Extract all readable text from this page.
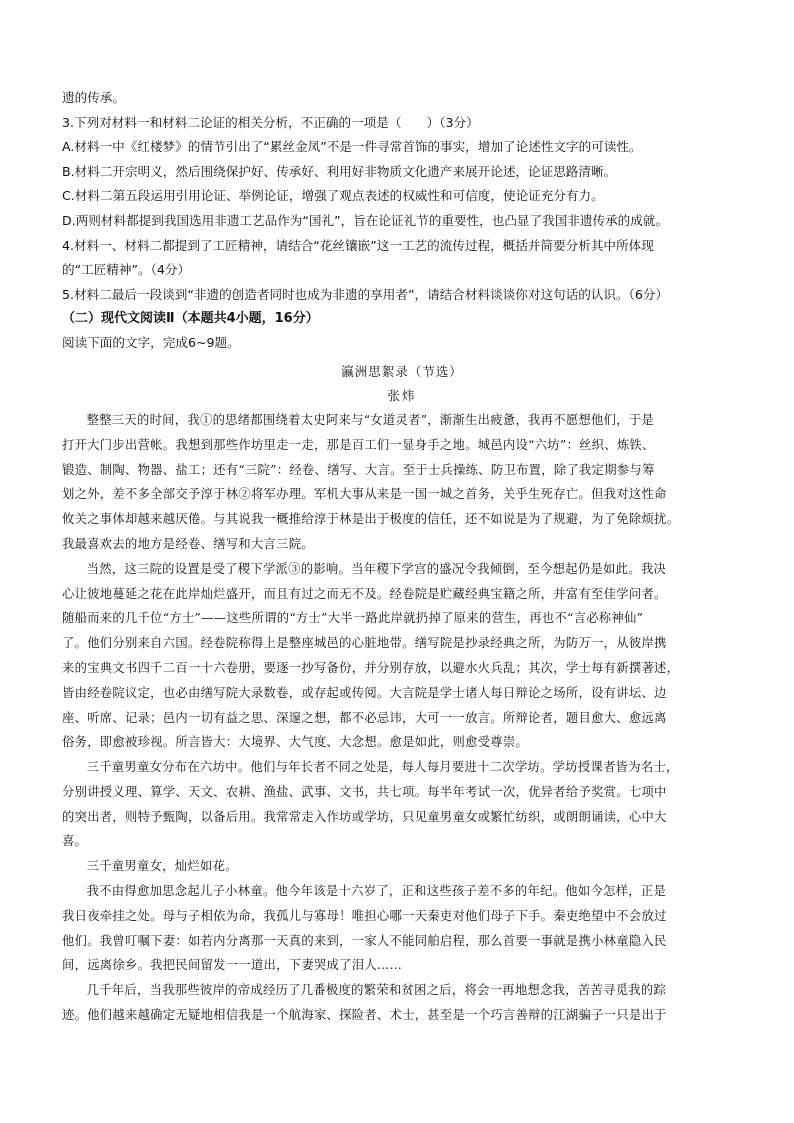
遗的传承。

3.下列对材料一和材料二论证的相关分析，不正确的一项是（　　）（3分）

A.材料一中《红楼梦》的情节引出了“累丝金凤”不是一件寻常首饰的事实，增加了论述性文字的可读性。

B.材料二开宗明义，然后围绕保护好、传承好、利用好非物质文化遗产来展开论述，论证思路清晰。

C.材料二第五段运用引用论证、举例论证，增强了观点表述的权威性和可信度，使论证充分有力。

D.两则材料都提到我国选用非遗工艺品作为“国礼”，旨在论证礼节的重要性，也凸显了我国非遗传承的成就。

4.材料一、材料二都提到了工匠精神，请结合“花丝镶嵌”这一工艺的流传过程，概括并简要分析其中所体现

的“工匠精神”。（4分）

5.材料二最后一段谈到“非遗的创造者同时也成为非遗的享用者”，请结合材料谈谈你对这句话的认识。（6分）

（二）现代文阅读Ⅱ（本题共4小题，16分）

阅读下面的文字，完成6~9题。

瀛洲思絮录（节选）
张炜

整整三天的时间，我①的思绪都围绕着太史阿来与“女道灵者”，渐渐生出疲惫，我再不愿想他们，于是
打开大门步出营帐。我想到那些作坊里走一走，那是百工们一显身手之地。城邑内设“六坊”：丝织、炼铁、
锻造、制陶、物器、盐工；还有“三院”：经卷、缮写、大言。至于士兵操练、防卫布置，除了我定期参与筹
划之外，差不多全部交予淳于林②将军办理。军机大事从来是一国一城之首务，关乎生死存亡。但我对这性命
攸关之事体却越来越厌倦。与其说我一概推给淳于林是出于极度的信任，还不如说是为了规避，为了免除烦扰。
我最喜欢去的地方是经卷、缮写和大言三院。

当然，这三院的设置是受了稷下学派③的影响。当年稷下学宫的盛况令我倾倒，至今想起仍是如此。我决
心让彼地蔓延之花在此岸灿烂盛开，而且有过之而无不及。经卷院是贮藏经典宝籍之所，并富有至佳学问者。
随船而来的几千位“方士”——这些所谓的“方士”大半一路此岸就扔掉了原来的营生，再也不“言必称神仙”
了。他们分别来自六国。经卷院称得上是整座城邑的心脏地带。缮写院是抄录经典之所，为防万一，从彼岸携
来的宝典文书四千二百一十六卷册，要逐一抄写备份，并分别存放，以避水火兵乱；其次，学士每有新撰著述，
皆由经卷院议定，也必由缮写院大录数卷，或存起或传阅。大言院是学士诸人每日辩论之场所，设有讲坛、边
座、听席、记录；邑内一切有益之思、深邃之想，都不必忌讳，大可一一放言。所辩论者，题目愈大、愈远离
俗务，即愈被珍视。所言皆大：大境界、大气度、大念想。愈是如此，则愈受尊崇。

三千童男童女分布在六坊中。他们与年长者不同之处是，每人每月要进十二次学坊。学坊授课者皆为名士，
分别讲授义理、算学、天文、农耕、渔盐、武事、文书，共七项。每半年考试一次，优异者给予奖赏。七项中
的突出者，则特予甄陶，以备后用。我常常走入作坊或学坊，只见童男童女或繁忙纺织，或朗朗诵读，心中大
喜。

三千童男童女，灿烂如花。

我不由得愈加思念起儿子小林童。他今年该是十六岁了，正和这些孩子差不多的年纪。他如今怎样，正是
我日夜牵挂之处。母与子相依为命，我孤儿与寡母！唯担心哪一天秦吏对他们母子下手。秦吏绝望中不会放过
他们。我曾叮嘱下妻：如若内分离那一天真的来到，一家人不能同舶启程，那么首要一事就是携小林童隐入民
间，远离徐乡。我把民间留发一一道出，下妻哭成了泪人……

几千年后，当我那些彼岸的帝成经历了几番极度的繁荣和贫困之后，将会一再地想念我，苦苦寻觅我的踪
迹。他们越来越确定无疑地相信我是一个航海家、探险者、术士，甚至是一个巧言善辩的江湖骗子一只是出于
